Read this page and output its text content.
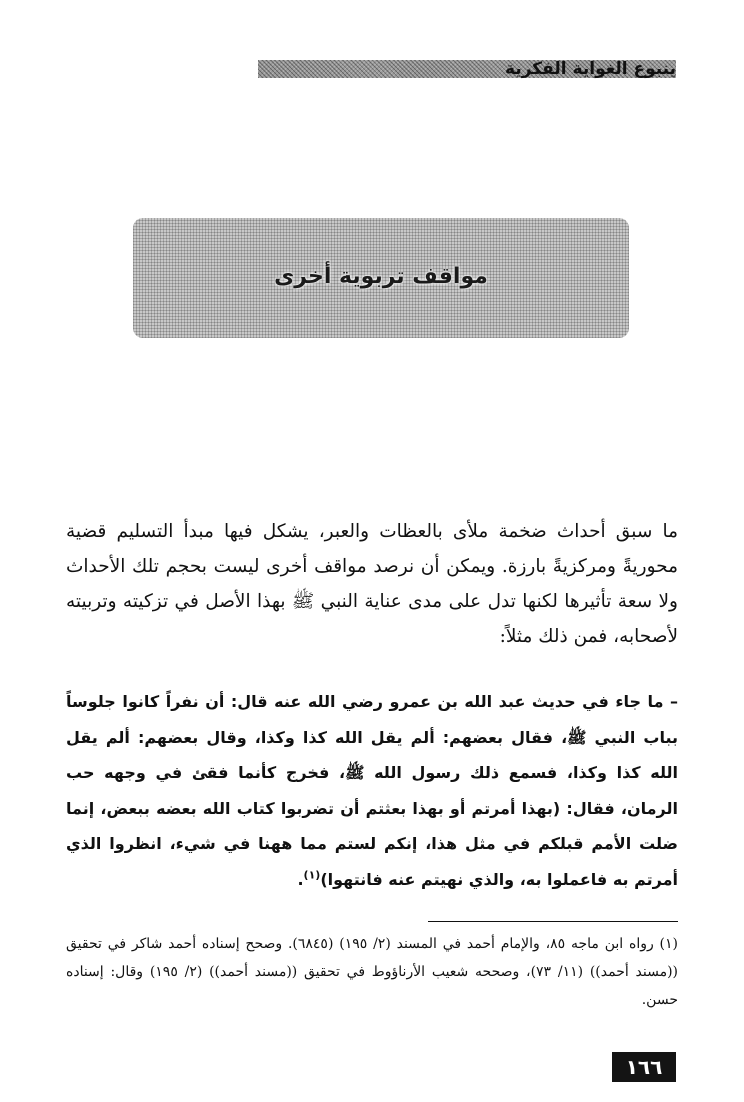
ينبوع الغواية الفكرية
مواقف تربوية أخرى

ما سبق أحداث ضخمة ملأى بالعظات والعبر، يشكل فيها مبدأ التسليم قضية محوريةً ومركزيةً بارزة. ويمكن أن نرصد مواقف أخرى ليست بحجم تلك الأحداث ولا سعة تأثيرها لكنها تدل على مدى عناية النبي ﷺ بهذا الأصل في تزكيته وتربيته لأصحابه، فمن ذلك مثلاً:

– ما جاء في حديث عبد الله بن عمرو رضي الله عنه قال: أن نفراً كانوا جلوساً بباب النبي ﷺ، فقال بعضهم: ألم يقل الله كذا وكذا، وقال بعضهم: ألم يقل الله كذا وكذا، فسمع ذلك رسول الله ﷺ، فخرج كأنما فقئ في وجهه حب الرمان، فقال: (بهذا أمرتم أو بهذا بعثتم أن تضربوا كتاب الله بعضه ببعض، إنما ضلت الأمم قبلكم في مثل هذا، إنكم لستم مما ههنا في شيء، انظروا الذي أمرتم به فاعملوا به، والذي نهيتم عنه فانتهوا)$^{(١)}$.

(١) رواه ابن ماجه ٨٥، والإمام أحمد في المسند (٢/ ١٩٥) (٦٨٤٥). وصحح إسناده أحمد شاكر في تحقيق ((مسند أحمد)) (١١/ ٧٣)، وصححه شعيب الأرناؤوط في تحقيق ((مسند أحمد)) (٢/ ١٩٥) وقال: إسناده حسن.

١٦٦
